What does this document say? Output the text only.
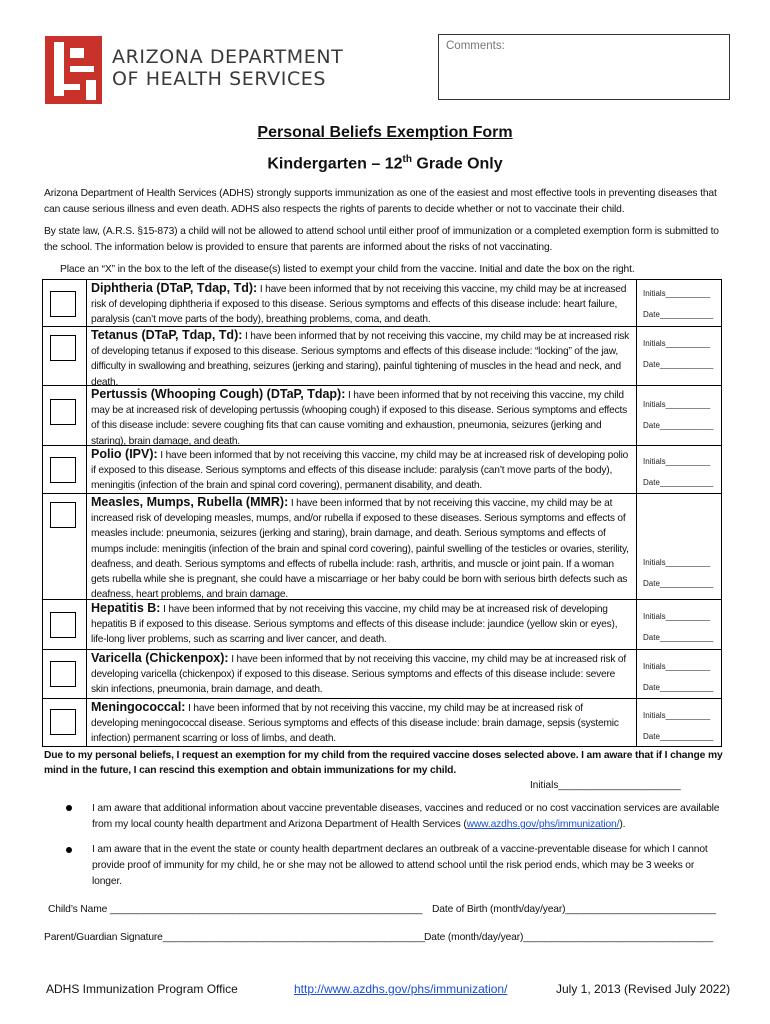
ARIZONA DEPARTMENT
OF HEALTH SERVICES
Comments:
Personal Beliefs Exemption Form
Kindergarten – 12th Grade Only
Arizona Department of Health Services (ADHS) strongly supports immunization as one of the easiest and most effective tools in preventing diseases that can cause serious illness and even death. ADHS also respects the rights of parents to decide whether or not to vaccinate their child.
By state law, (A.R.S. §15-873) a child will not be allowed to attend school until either proof of immunization or a completed exemption form is submitted to the school. The information below is provided to ensure that parents are informed about the risks of not vaccinating.
Place an “X” in the box to the left of the disease(s) listed to exempt your child from the vaccine. Initial and date the box on the right.
Diphtheria (DTaP, Tdap, Td): I have been informed that by not receiving this vaccine, my child may be at increased risk of developing diphtheria if exposed to this disease. Serious symptoms and effects of this disease include: heart failure, paralysis (can’t move parts of the body), breathing problems, coma, and death.
Initials__________
Date____________
Tetanus (DTaP, Tdap, Td): I have been informed that by not receiving this vaccine, my child may be at increased risk of developing tetanus if exposed to this disease. Serious symptoms and effects of this disease include: “locking” of the jaw, difficulty in swallowing and breathing, seizures (jerking and staring), painful tightening of muscles in the head and neck, and death.
Initials__________
Date____________
Pertussis (Whooping Cough) (DTaP, Tdap): I have been informed that by not receiving this vaccine, my child may be at increased risk of developing pertussis (whooping cough) if exposed to this disease. Serious symptoms and effects of this disease include: severe coughing fits that can cause vomiting and exhaustion, pneumonia, seizures (jerking and staring), brain damage, and death.
Initials__________
Date____________
Polio (IPV): I have been informed that by not receiving this vaccine, my child may be at increased risk of developing polio if exposed to this disease. Serious symptoms and effects of this disease include: paralysis (can’t move parts of the body), meningitis (infection of the brain and spinal cord covering), permanent disability, and death.
Initials__________
Date____________
Measles, Mumps, Rubella (MMR): I have been informed that by not receiving this vaccine, my child may be at increased risk of developing measles, mumps, and/or rubella if exposed to these diseases. Serious symptoms and effects of measles include: pneumonia, seizures (jerking and staring), brain damage, and death. Serious symptoms and effects of mumps include: meningitis (infection of the brain and spinal cord covering), painful swelling of the testicles or ovaries, sterility, deafness, and death. Serious symptoms and effects of rubella include: rash, arthritis, and muscle or joint pain. If a woman gets rubella while she is pregnant, she could have a miscarriage or her baby could be born with serious birth defects such as deafness, heart problems, and brain damage.
Initials__________
Date____________
Hepatitis B: I have been informed that by not receiving this vaccine, my child may be at increased risk of developing hepatitis B if exposed to this disease. Serious symptoms and effects of this disease include: jaundice (yellow skin or eyes), life-long liver problems, such as scarring and liver cancer, and death.
Initials__________
Date____________
Varicella (Chickenpox): I have been informed that by not receiving this vaccine, my child may be at increased risk of developing varicella (chickenpox) if exposed to this disease. Serious symptoms and effects of this disease include: severe skin infections, pneumonia, brain damage, and death.
Initials__________
Date____________
Meningococcal: I have been informed that by not receiving this vaccine, my child may be at increased risk of developing meningococcal disease. Serious symptoms and effects of this disease include: brain damage, sepsis (systemic infection) permanent scarring or loss of limbs, and death.
Initials__________
Date____________
Due to my personal beliefs, I request an exemption for my child from the required vaccine doses selected above. I am aware that if I change my mind in the future, I can rescind this exemption and obtain immunizations for my child.
Initials______________________
I am aware that additional information about vaccine preventable diseases, vaccines and reduced or no cost vaccination services are available from my local county health department and Arizona Department of Health Services (www.azdhs.gov/phs/immunization/).
I am aware that in the event the state or county health department declares an outbreak of a vaccine-preventable disease for which I cannot provide proof of immunity for my child, he or she may not be allowed to attend school until the risk period ends, which may be 3 weeks or longer.
Child’s Name ________________________________________________________ Date of Birth (month/day/year)___________________________
Parent/Guardian Signature_______________________________________________ Date (month/day/year)__________________________________
ADHS Immunization Program Office	http://www.azdhs.gov/phs/immunization/	July 1, 2013 (Revised July 2022)
